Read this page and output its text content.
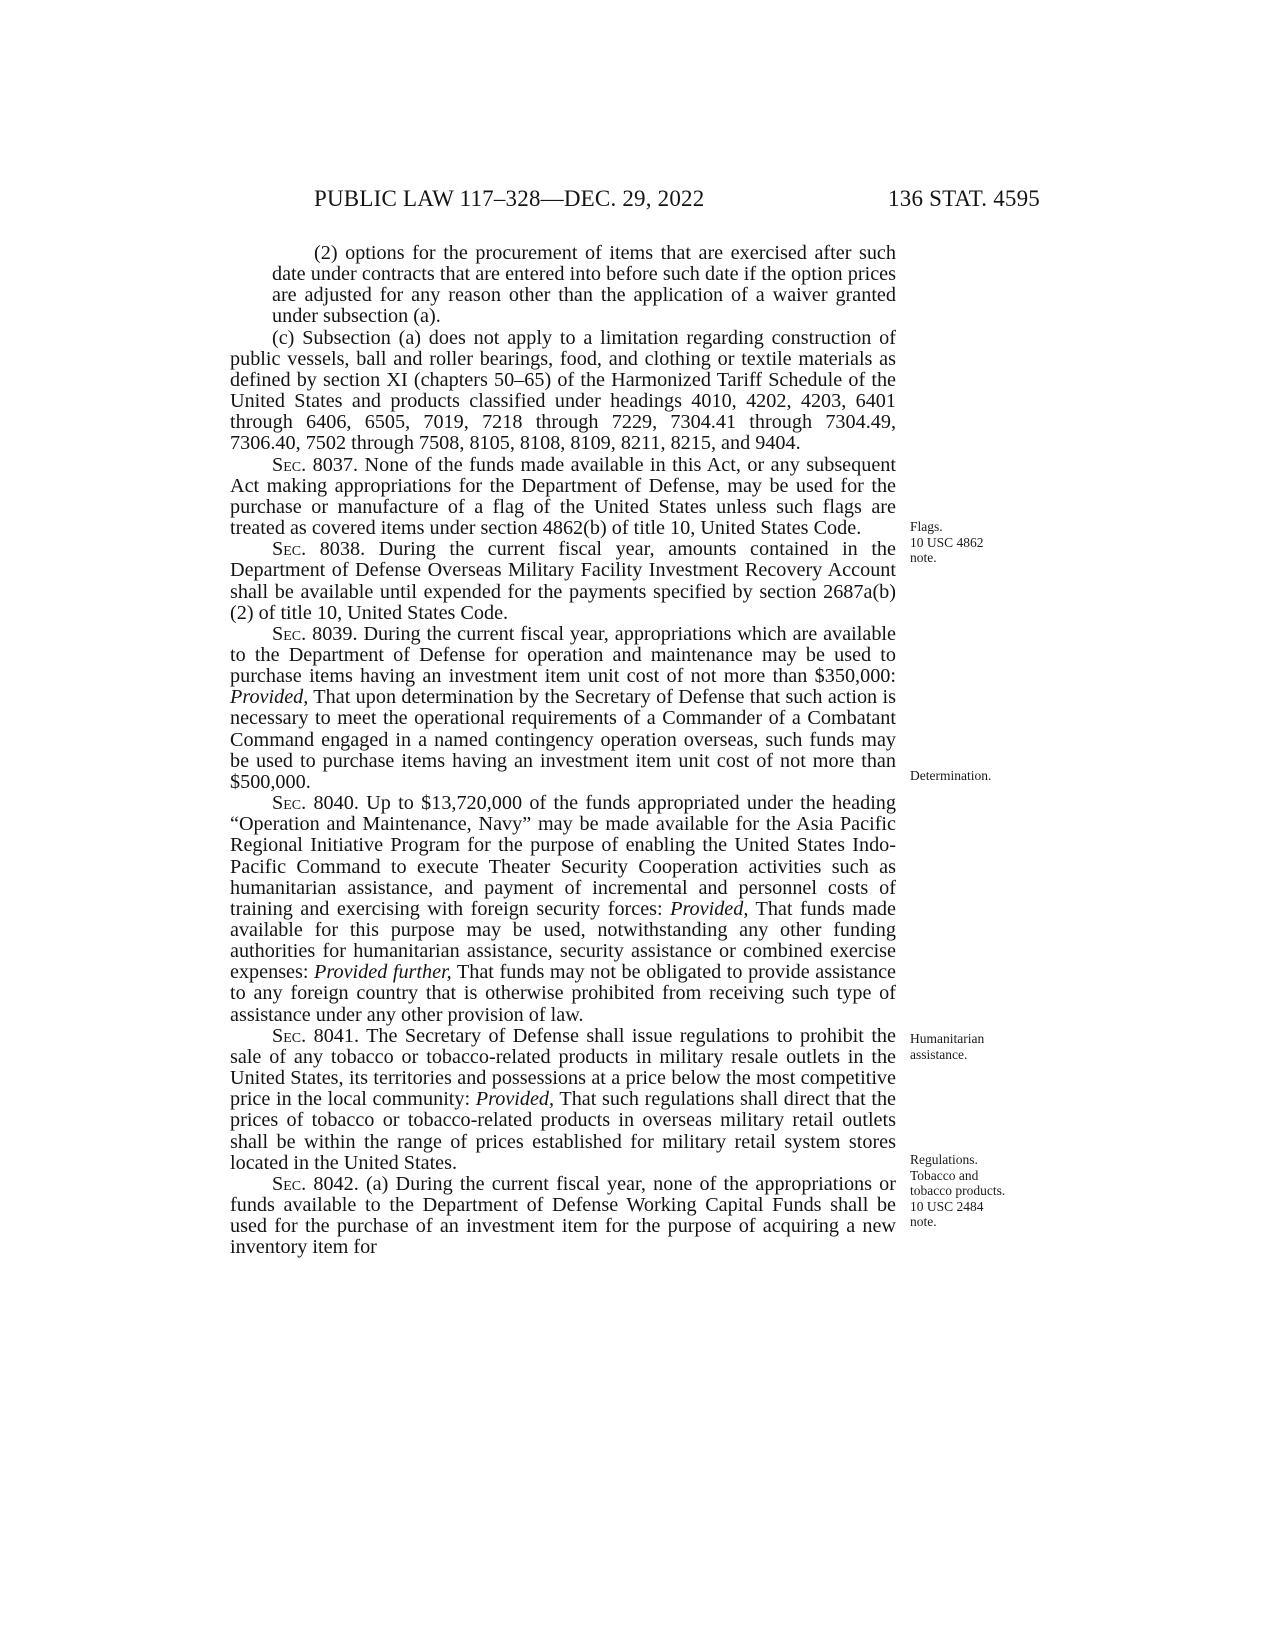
PUBLIC LAW 117–328—DEC. 29, 2022	136 STAT. 4595

(2) options for the procurement of items that are exercised after such date under contracts that are entered into before such date if the option prices are adjusted for any reason other than the application of a waiver granted under subsection (a).

(c) Subsection (a) does not apply to a limitation regarding construction of public vessels, ball and roller bearings, food, and clothing or textile materials as defined by section XI (chapters 50–65) of the Harmonized Tariff Schedule of the United States and products classified under headings 4010, 4202, 4203, 6401 through 6406, 6505, 7019, 7218 through 7229, 7304.41 through 7304.49, 7306.40, 7502 through 7508, 8105, 8108, 8109, 8211, 8215, and 9404.

Sec. 8037. None of the funds made available in this Act, or any subsequent Act making appropriations for the Department of Defense, may be used for the purchase or manufacture of a flag of the United States unless such flags are treated as covered items under section 4862(b) of title 10, United States Code.

Sec. 8038. During the current fiscal year, amounts contained in the Department of Defense Overseas Military Facility Investment Recovery Account shall be available until expended for the payments specified by section 2687a(b)(2) of title 10, United States Code.

Sec. 8039. During the current fiscal year, appropriations which are available to the Department of Defense for operation and maintenance may be used to purchase items having an investment item unit cost of not more than $350,000: Provided, That upon determination by the Secretary of Defense that such action is necessary to meet the operational requirements of a Commander of a Combatant Command engaged in a named contingency operation overseas, such funds may be used to purchase items having an investment item unit cost of not more than $500,000.

Sec. 8040. Up to $13,720,000 of the funds appropriated under the heading “Operation and Maintenance, Navy” may be made available for the Asia Pacific Regional Initiative Program for the purpose of enabling the United States Indo-Pacific Command to execute Theater Security Cooperation activities such as humanitarian assistance, and payment of incremental and personnel costs of training and exercising with foreign security forces: Provided, That funds made available for this purpose may be used, notwithstanding any other funding authorities for humanitarian assistance, security assistance or combined exercise expenses: Provided further, That funds may not be obligated to provide assistance to any foreign country that is otherwise prohibited from receiving such type of assistance under any other provision of law.

Sec. 8041. The Secretary of Defense shall issue regulations to prohibit the sale of any tobacco or tobacco-related products in military resale outlets in the United States, its territories and possessions at a price below the most competitive price in the local community: Provided, That such regulations shall direct that the prices of tobacco or tobacco-related products in overseas military retail outlets shall be within the range of prices established for military retail system stores located in the United States.

Sec. 8042. (a) During the current fiscal year, none of the appropriations or funds available to the Department of Defense Working Capital Funds shall be used for the purchase of an investment item for the purpose of acquiring a new inventory item for

Flags.
10 USC 4862
note.
Determination.
Humanitarian
assistance.
Regulations.
Tobacco and
tobacco products.
10 USC 2484
note.
